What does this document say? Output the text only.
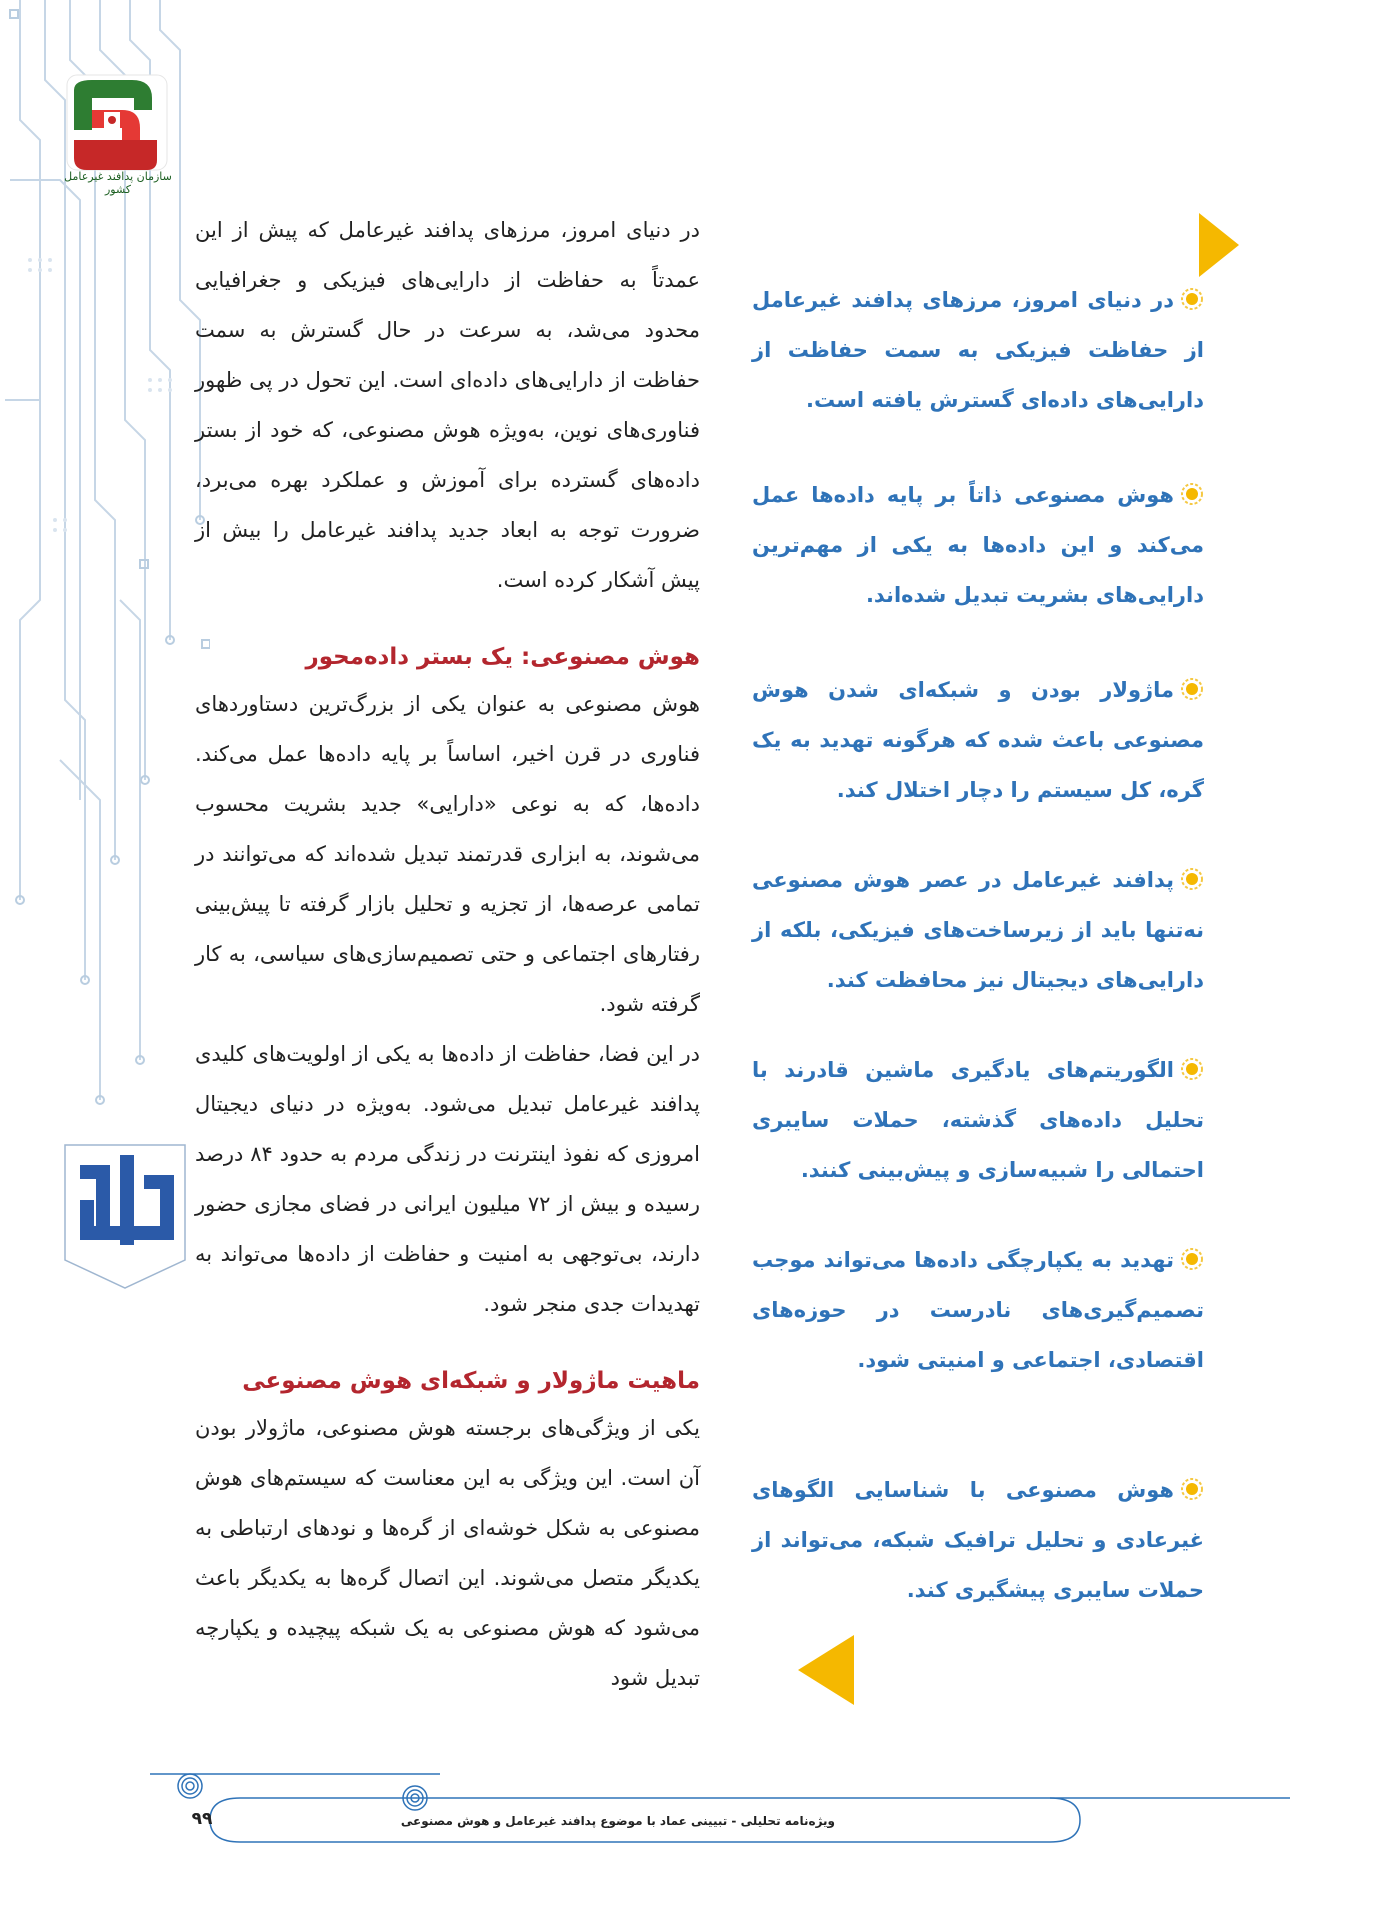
سازمان پدافند غیرعامل کشور

در دنیای امروز، مرزهای پدافند غیرعامل که پیش از این عمدتاً به حفاظت از دارایی‌های فیزیکی و جغرافیایی محدود می‌شد، به سرعت در حال گسترش به سمت حفاظت از دارایی‌های داده‌ای است. این تحول در پی ظهور فناوری‌های نوین، به‌ویژه هوش مصنوعی، که خود از بستر داده‌های گسترده برای آموزش و عملکرد بهره می‌برد، ضرورت توجه به ابعاد جدید پدافند غیرعامل را بیش از پیش آشکار کرده است.

هوش مصنوعی: یک بستر داده‌محور

هوش مصنوعی به عنوان یکی از بزرگ‌ترین دستاوردهای فناوری در قرن اخیر، اساساً بر پایه داده‌ها عمل می‌کند. داده‌ها، که به نوعی «دارایی» جدید بشریت محسوب می‌شوند، به ابزاری قدرتمند تبدیل شده‌اند که می‌توانند در تمامی عرصه‌ها، از تجزیه و تحلیل بازار گرفته تا پیش‌بینی رفتارهای اجتماعی و حتی تصمیم‌سازی‌های سیاسی، به کار گرفته شود.

در این فضا، حفاظت از داده‌ها به یکی از اولویت‌های کلیدی پدافند غیرعامل تبدیل می‌شود. به‌ویژه در دنیای دیجیتال امروزی که نفوذ اینترنت در زندگی مردم به حدود ۸۴ درصد رسیده و بیش از ۷۲ میلیون ایرانی در فضای مجازی حضور دارند، بی‌توجهی به امنیت و حفاظت از داده‌ها می‌تواند به تهدیدات جدی منجر شود.

ماهیت ماژولار و شبکه‌ای هوش مصنوعی

یکی از ویژگی‌های برجسته هوش مصنوعی، ماژولار بودن آن است. این ویژگی به این معناست که سیستم‌های هوش مصنوعی به شکل خوشه‌ای از گره‌ها و نودهای ارتباطی به یکدیگر متصل می‌شوند. این اتصال گره‌ها به یکدیگر باعث می‌شود که هوش مصنوعی به یک شبکه پیچیده و یکپارچه تبدیل شود

در دنیای امروز، مرزهای پدافند غیرعامل از حفاظت فیزیکی به سمت حفاظت از دارایی‌های داده‌ای گسترش یافته است.
هوش مصنوعی ذاتاً بر پایه داده‌ها عمل می‌کند و این داده‌ها به یکی از مهم‌ترین دارایی‌های بشریت تبدیل شده‌اند.
ماژولار بودن و شبکه‌ای شدن هوش مصنوعی باعث شده که هرگونه تهدید به یک گره، کل سیستم را دچار اختلال کند.
پدافند غیرعامل در عصر هوش مصنوعی نه‌تنها باید از زیرساخت‌های فیزیکی، بلکه از دارایی‌های دیجیتال نیز محافظت کند.
الگوریتم‌های یادگیری ماشین قادرند با تحلیل داده‌های گذشته، حملات سایبری احتمالی را شبیه‌سازی و پیش‌بینی کنند.
تهدید به یکپارچگی داده‌ها می‌تواند موجب تصمیم‌گیری‌های نادرست در حوزه‌های اقتصادی، اجتماعی و امنیتی شود.
هوش مصنوعی با شناسایی الگوهای غیرعادی و تحلیل ترافیک شبکه، می‌تواند از حملات سایبری پیشگیری کند.
ویژه‌نامه تحلیلی - تبیینی عماد با موضوع پدافند غیرعامل و هوش مصنوعی
۹۹
